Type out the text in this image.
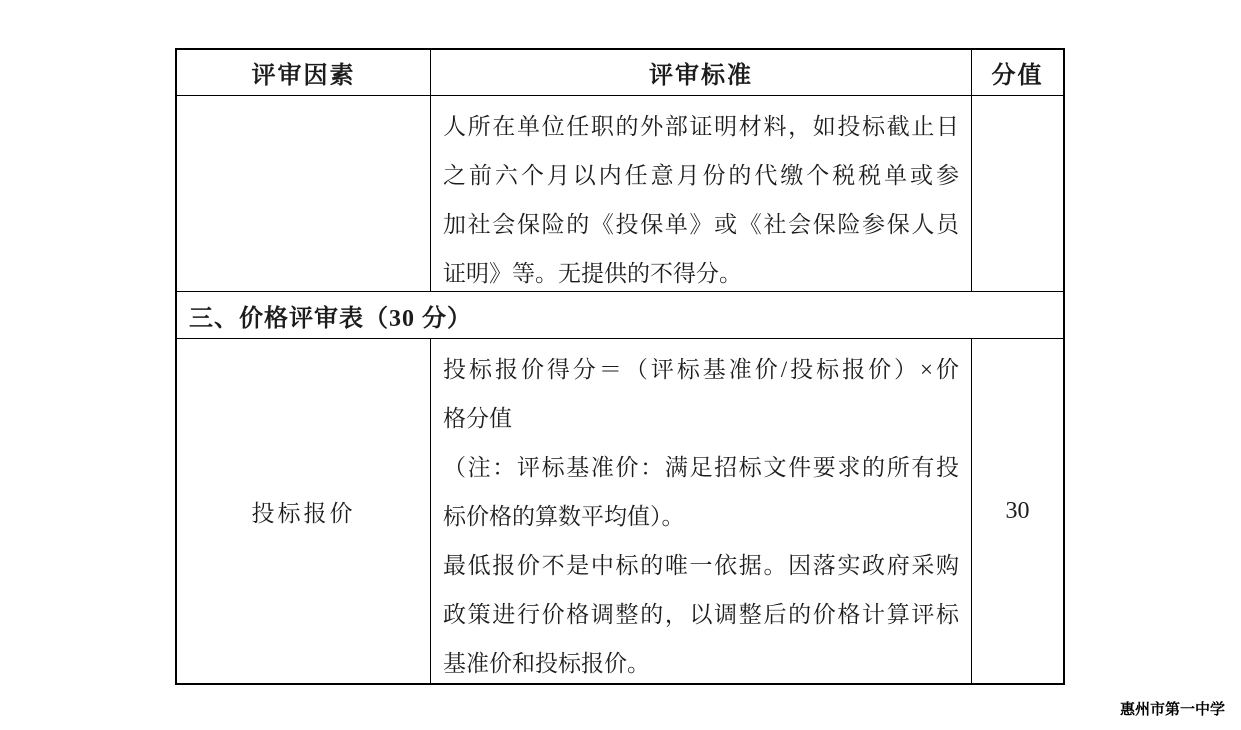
评审因素	评审标准	分值
人所在单位任职的外部证明材料，如投标截止日
之前六个月以内任意月份的代缴个税税单或参
加社会保险的《投保单》或《社会保险参保人员
证明》等。无提供的不得分。
三、价格评审表（30 分）
投标报价
投标报价得分＝（评标基准价/投标报价）×价
格分值
（注：评标基准价：满足招标文件要求的所有投
标价格的算数平均值）。
最低报价不是中标的唯一依据。因落实政府采购
政策进行价格调整的，以调整后的价格计算评标
基准价和投标报价。
30
惠州市第一中学
